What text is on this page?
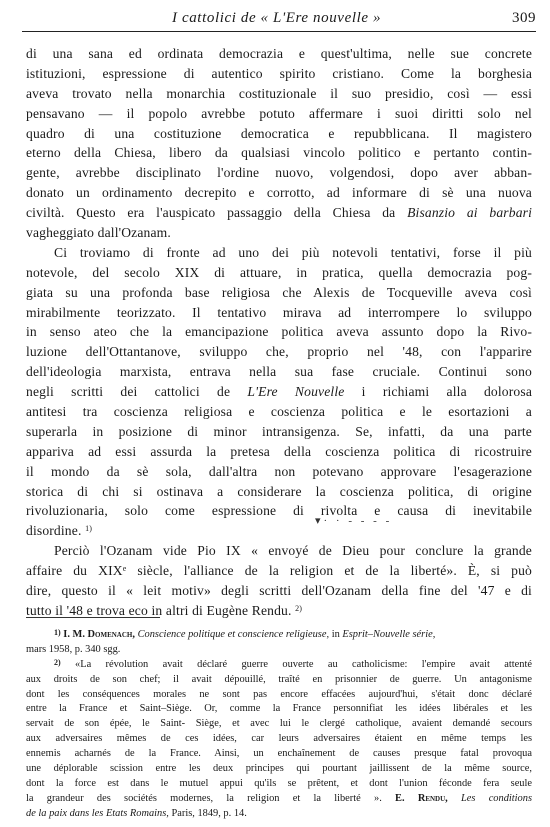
I cattolici de « L'Ere nouvelle »	309
di una sana ed ordinata democrazia e quest'ultima, nelle sue concrete
istituzioni, espressione di autentico spirito cristiano. Come la borghesia
aveva trovato nella monarchia costituzionale il suo presidio, così — essi
pensavano — il popolo avrebbe potuto affermare i suoi diritti solo nel
quadro di una costituzione democratica e repubblicana. Il magistero
eterno della Chiesa, libero da qualsiasi vincolo politico e pertanto contin-
gente, avrebbe disciplinato l'ordine nuovo, volgendosi, dopo aver abban-
donato un ordinamento decrepito e corrotto, ad informare di sè una nuova
civiltà. Questo era l'auspicato passaggio della Chiesa da Bisanzio ai barbari
vagheggiato dall'Ozanam.
Ci troviamo di fronte ad uno dei più notevoli tentativi, forse il più
notevole, del secolo XIX di attuare, in pratica, quella democrazia pog-
giata su una profonda base religiosa che Alexis de Tocqueville aveva così
mirabilmente teorizzato. Il tentativo mirava ad interrompere lo sviluppo
in senso ateo che la emancipazione politica aveva assunto dopo la Rivo-
luzione dell'Ottantanove, sviluppo che, proprio nel '48, con l'apparire
dell'ideologia marxista, entrava nella sua fase cruciale. Continui sono
negli scritti dei cattolici de L'Ere Nouvelle i richiami alla dolorosa
antitesi tra coscienza religiosa e coscienza politica e le esortazioni a
superarla in posizione di minor intransigenza. Se, infatti, da una parte
appariva ad essi assurda la pretesa della coscienza politica di ricostruire
il mondo da sè sola, dall'altra non potevano approvare l'esagerazione
storica di chi si ostinava a considerare la coscienza politica, di origine
rivoluzionaria, solo come espressione di rivolta e causa di inevitabile
disordine. $^{1)}$
Perciò l'Ozanam vide Pio IX « envoyé de Dieu pour conclure la grande
affaire du XIXe siècle, l'alliance de la religion et de la liberté». È, si può
dire, questo il « leit motiv» degli scritti dell'Ozanam della fine del '47 e di
tutto il '48 e trova eco in altri di Eugène Rendu. $^{2)}$
▾· · - - - -
$^{1)}$ I. M. Domenach, Conscience politique et conscience religieuse, in Esprit–Nouvelle série,
mars 1958, p. 340 sgg.
$^{2)}$ «La révolution avait déclaré guerre ouverte au catholicisme: l'empire avait attenté
aux droits de son chef; il avait dépouillé, traîté en prisonnier de guerre. Un antagonisme
dont les conséquences morales ne sont pas encore effacées aujourd'hui, s'était donc déclaré
entre la France et Saint–Siège. Or, comme la France personnifiat les idées libérales et les
servait de son épée, le Saint- Siège, et avec lui le clergé catholique, avaient demandé secours
aux adversaires mêmes de ces idées, car leurs adversaires étaient en même temps les
ennemis acharnés de la France. Ainsi, un enchaînement de causes presque fatal provoqua
une déplorable scission entre les deux principes qui pourtant jaillissent de la même source,
dont la force est dans le mutuel appui qu'ils se prêtent, et dont l'union féconde fera seule
la grandeur des sociétés modernes, la religion et la liberté ». E. Rendu, Les conditions
de la paix dans les Etats Romains, Paris, 1849, p. 14.
